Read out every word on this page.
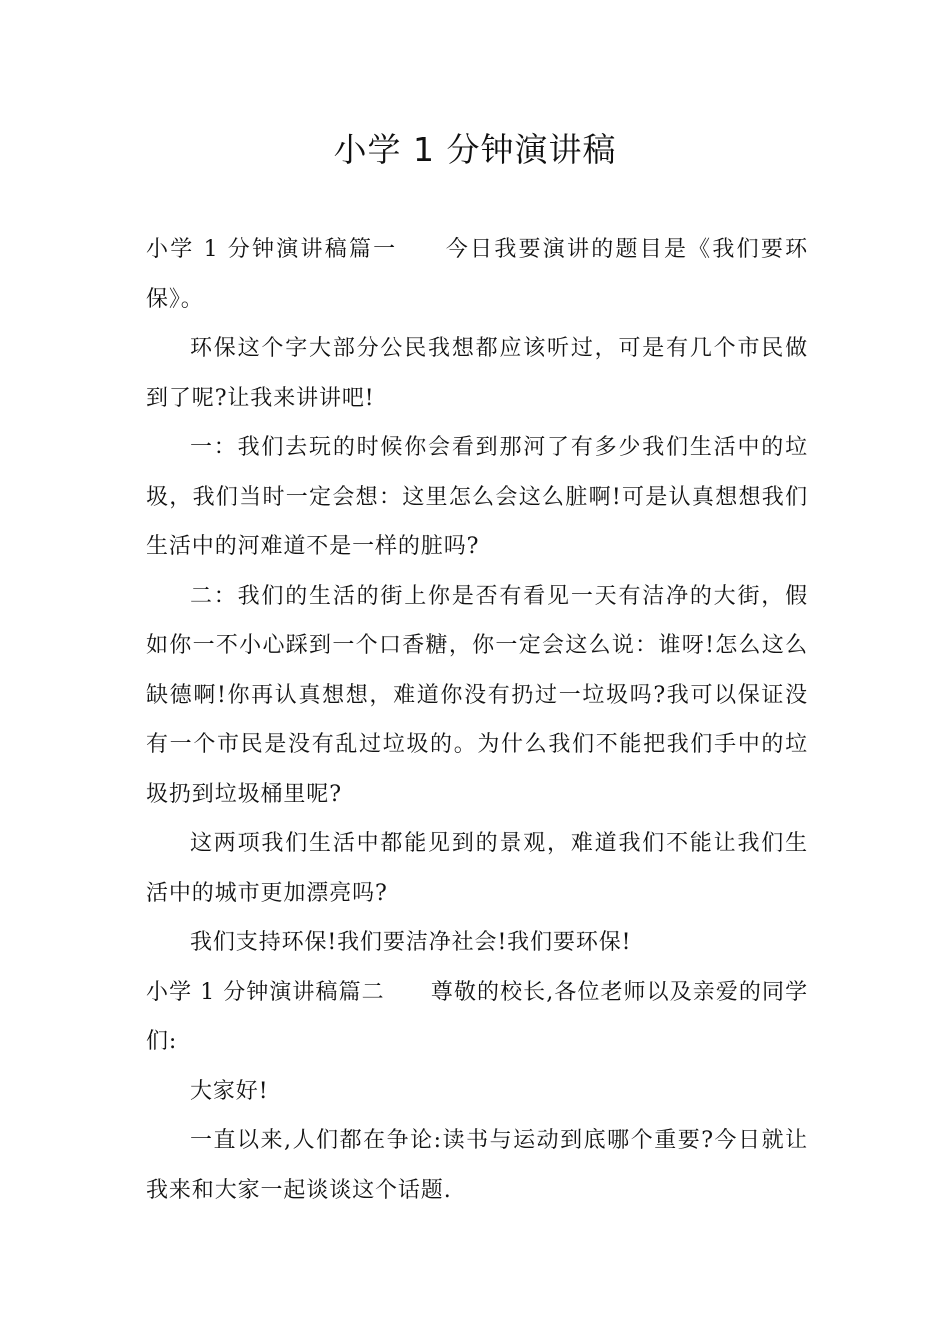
小学 1 分钟演讲稿

小学 1 分钟演讲稿篇一　　今日我要演讲的题目是《我们要环保》。

环保这个字大部分公民我想都应该听过，可是有几个市民做到了呢?让我来讲讲吧!

一：我们去玩的时候你会看到那河了有多少我们生活中的垃圾，我们当时一定会想：这里怎么会这么脏啊!可是认真想想我们生活中的河难道不是一样的脏吗?

二：我们的生活的街上你是否有看见一天有洁净的大街，假如你一不小心踩到一个口香糖，你一定会这么说：谁呀!怎么这么缺德啊!你再认真想想，难道你没有扔过一垃圾吗?我可以保证没有一个市民是没有乱过垃圾的。为什么我们不能把我们手中的垃圾扔到垃圾桶里呢?

这两项我们生活中都能见到的景观，难道我们不能让我们生活中的城市更加漂亮吗?

我们支持环保!我们要洁净社会!我们要环保!

小学 1 分钟演讲稿篇二　　尊敬的校长,各位老师以及亲爱的同学们:

大家好!

一直以来,人们都在争论:读书与运动到底哪个重要?今日就让我来和大家一起谈谈这个话题.
